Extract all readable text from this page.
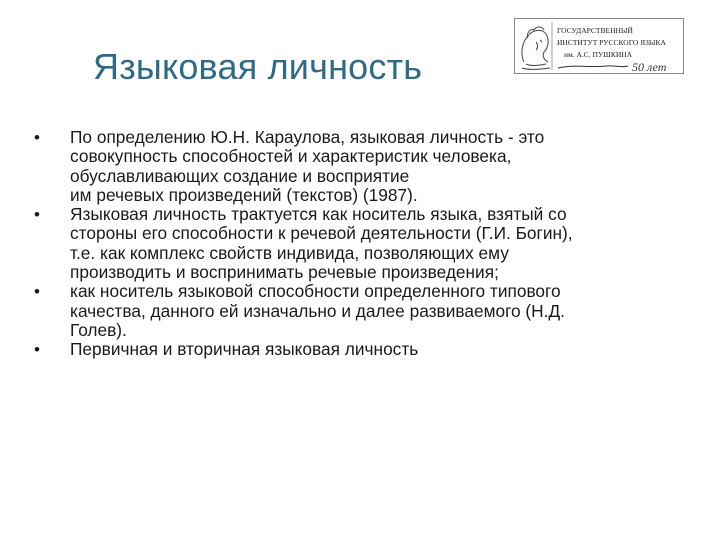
Языковая личность
ГОСУДАРСТВЕННЫЙ
ИНСТИТУТ РУССКОГО ЯЗЫКА
им. А.С. ПУШКИНА
50 лет
• По определению Ю.Н. Караулова, языковая личность - это
совокупность способностей и характеристик человека,
обуславливающих создание и восприятие
им речевых произведений (текстов) (1987).
• Языковая личность трактуется как носитель языка, взятый со
стороны его способности к речевой деятельности (Г.И. Богин),
т.е. как комплекс свойств индивида, позволяющих ему
производить и воспринимать речевые произведения;
• как носитель языковой способности определенного типового
качества, данного ей изначально и далее развиваемого (Н.Д.
Голев).
• Первичная и вторичная языковая личность
